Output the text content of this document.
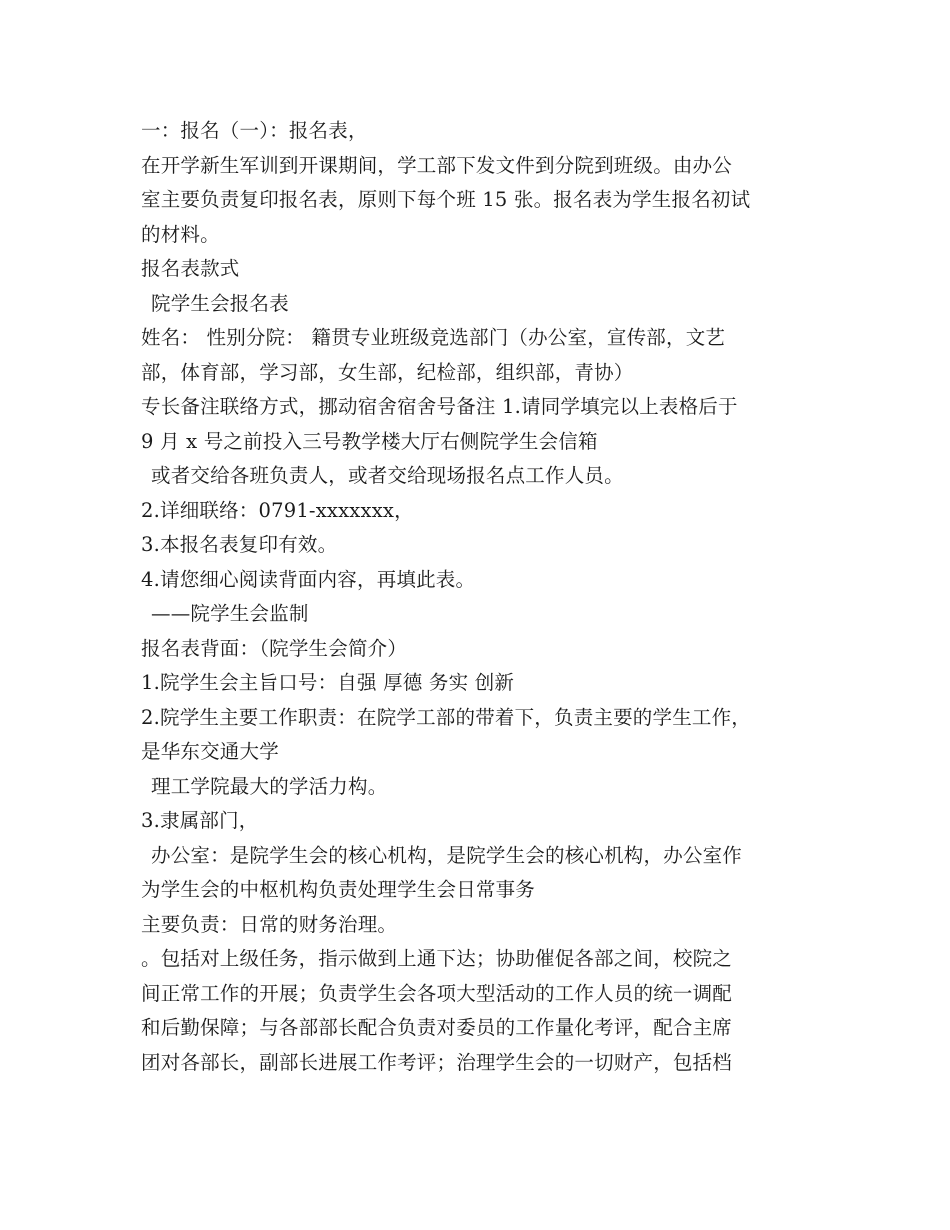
一：报名（一）：报名表，
在开学新生军训到开课期间，学工部下发文件到分院到班级。由办公
室主要负责复印报名表，原则下每个班 15 张。报名表为学生报名初试
的材料。
报名表款式
院学生会报名表
姓名： 性别分院： 籍贯专业班级竞选部门（办公室，宣传部，文艺
部，体育部，学习部，女生部，纪检部，组织部，青协）
专长备注联络方式，挪动宿舍宿舍号备注 1.请同学填完以上表格后于
9 月 x 号之前投入三号教学楼大厅右侧院学生会信箱
或者交给各班负责人，或者交给现场报名点工作人员。
2.详细联络：0791-xxxxxxx，
3.本报名表复印有效。
4.请您细心阅读背面内容，再填此表。
——院学生会监制
报名表背面：（院学生会简介）
1.院学生会主旨口号：自强 厚德 务实 创新
2.院学生主要工作职责：在院学工部的带着下，负责主要的学生工作，
是华东交通大学
理工学院最大的学活力构。
3.隶属部门，
办公室：是院学生会的核心机构，是院学生会的核心机构，办公室作
为学生会的中枢机构负责处理学生会日常事务
主要负责：日常的财务治理。
。包括对上级任务，指示做到上通下达；协助催促各部之间，校院之
间正常工作的开展；负责学生会各项大型活动的工作人员的统一调配
和后勤保障；与各部部长配合负责对委员的工作量化考评，配合主席
团对各部长，副部长进展工作考评；治理学生会的一切财产，包括档
